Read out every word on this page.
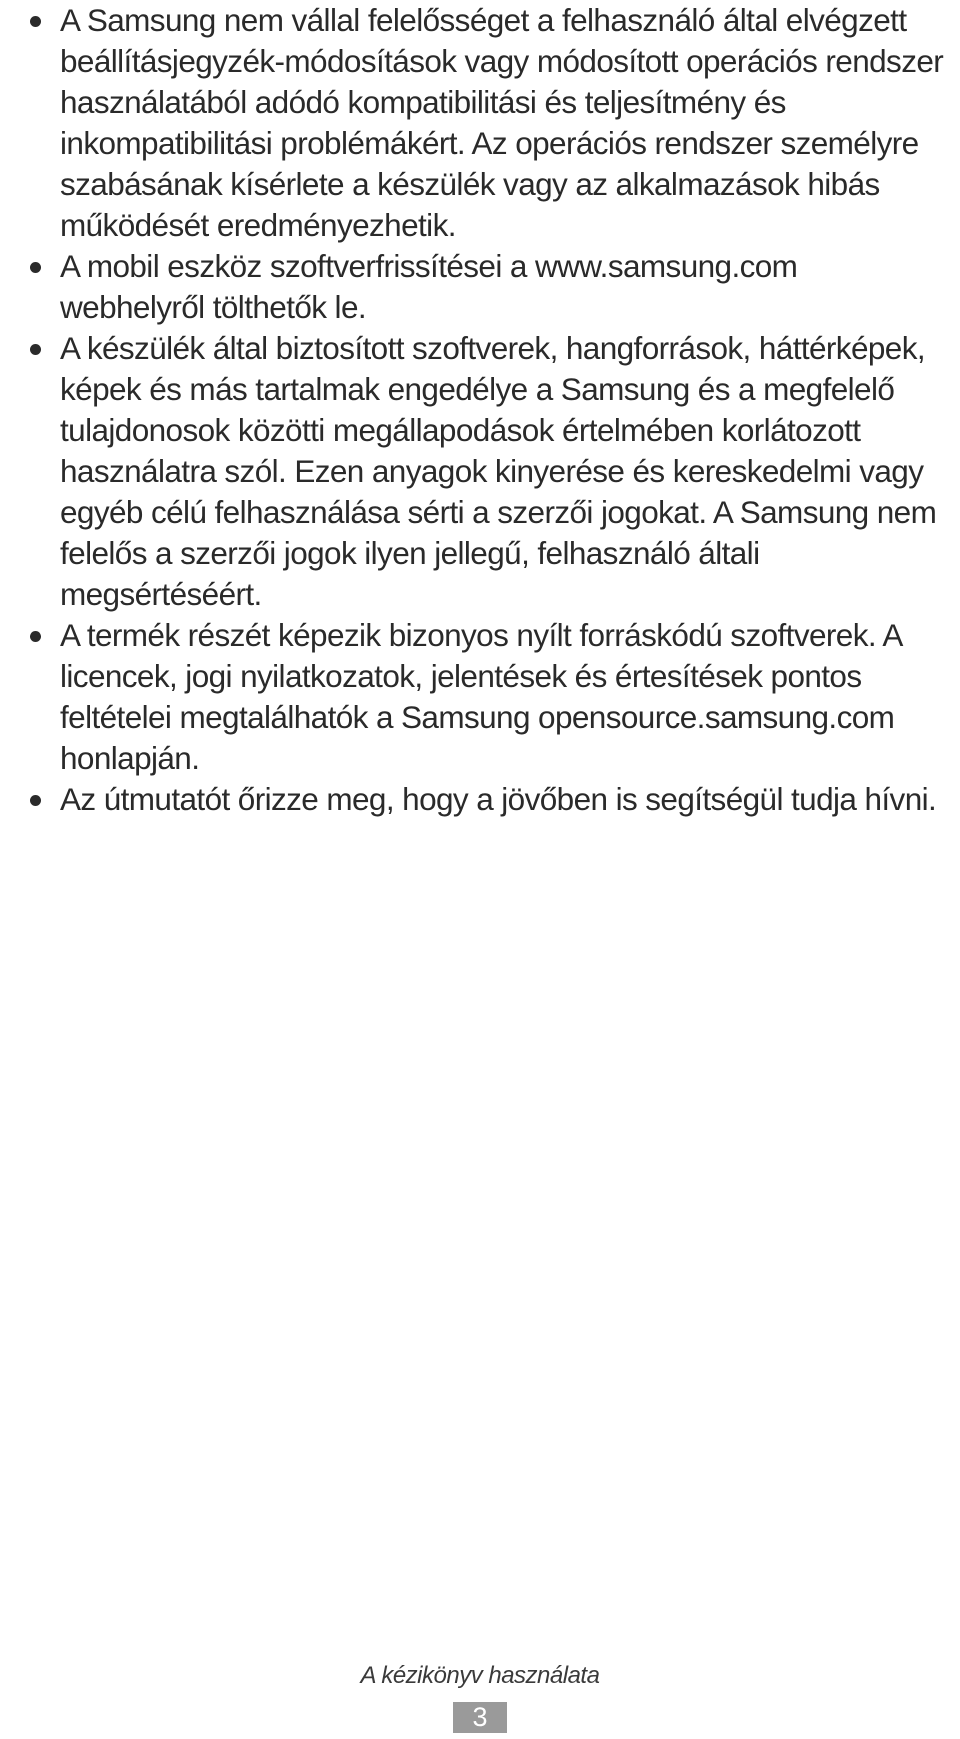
A Samsung nem vállal felelősséget a felhasználó által elvégzett beállításjegyzék-módosítások vagy módosított operációs rendszer használatából adódó kompatibilitási és teljesítmény és inkompatibilitási problémákért. Az operációs rendszer személyre szabásának kísérlete a készülék vagy az alkalmazások hibás működését eredményezhetik.
A mobil eszköz szoftverfrissítései a www.samsung.com webhelyről tölthetők le.
A készülék által biztosított szoftverek, hangforrások, háttérképek, képek és más tartalmak engedélye a Samsung és a megfelelő tulajdonosok közötti megállapodások értelmében korlátozott használatra szól. Ezen anyagok kinyerése és kereskedelmi vagy egyéb célú felhasználása sérti a szerzői jogokat. A Samsung nem felelős a szerzői jogok ilyen jellegű, felhasználó általi megsértéséért.
A termék részét képezik bizonyos nyílt forráskódú szoftverek. A licencek, jogi nyilatkozatok, jelentések és értesítések pontos feltételei megtalálhatók a Samsung opensource.samsung.com honlapján.
Az útmutatót őrizze meg, hogy a jövőben is segítségül tudja hívni.
A kézikönyv használata
3
